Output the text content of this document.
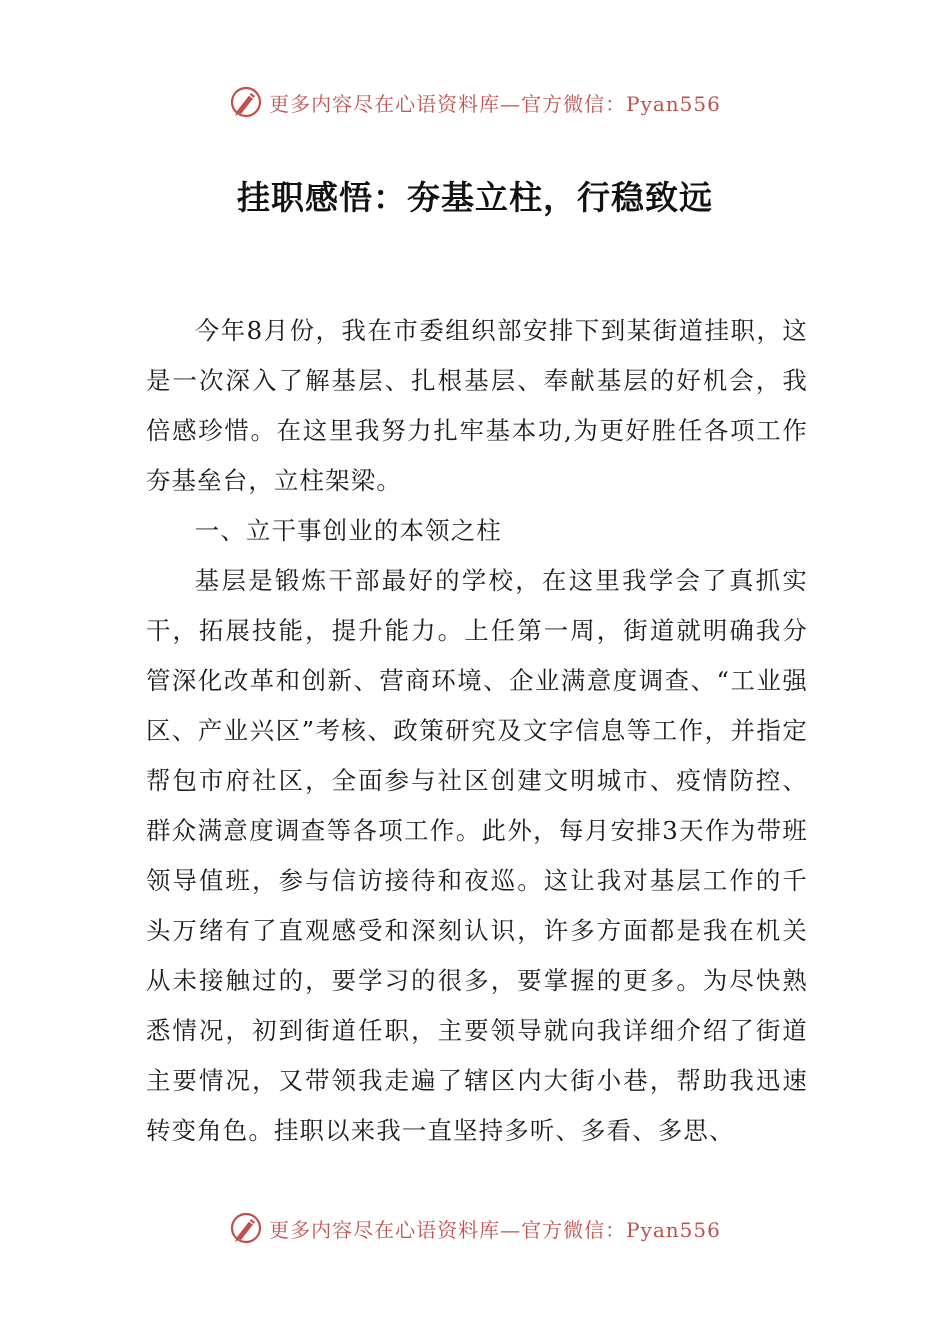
更多内容尽在心语资料库—官方微信：Pyan556
挂职感悟：夯基立柱，行稳致远

今年8月份，我在市委组织部安排下到某街道挂职，这是一次深入了解基层、扎根基层、奉献基层的好机会，我倍感珍惜。在这里我努力扎牢基本功,为更好胜任各项工作夯基垒台，立柱架梁。

一、立干事创业的本领之柱

基层是锻炼干部最好的学校，在这里我学会了真抓实干，拓展技能，提升能力。上任第一周，街道就明确我分管深化改革和创新、营商环境、企业满意度调查、“工业强区、产业兴区”考核、政策研究及文字信息等工作，并指定帮包市府社区，全面参与社区创建文明城市、疫情防控、群众满意度调查等各项工作。此外，每月安排3天作为带班领导值班，参与信访接待和夜巡。这让我对基层工作的千头万绪有了直观感受和深刻认识，许多方面都是我在机关从未接触过的，要学习的很多，要掌握的更多。为尽快熟悉情况，初到街道任职，主要领导就向我详细介绍了街道主要情况，又带领我走遍了辖区内大街小巷，帮助我迅速转变角色。挂职以来我一直坚持多听、多看、多思、

更多内容尽在心语资料库—官方微信：Pyan556
